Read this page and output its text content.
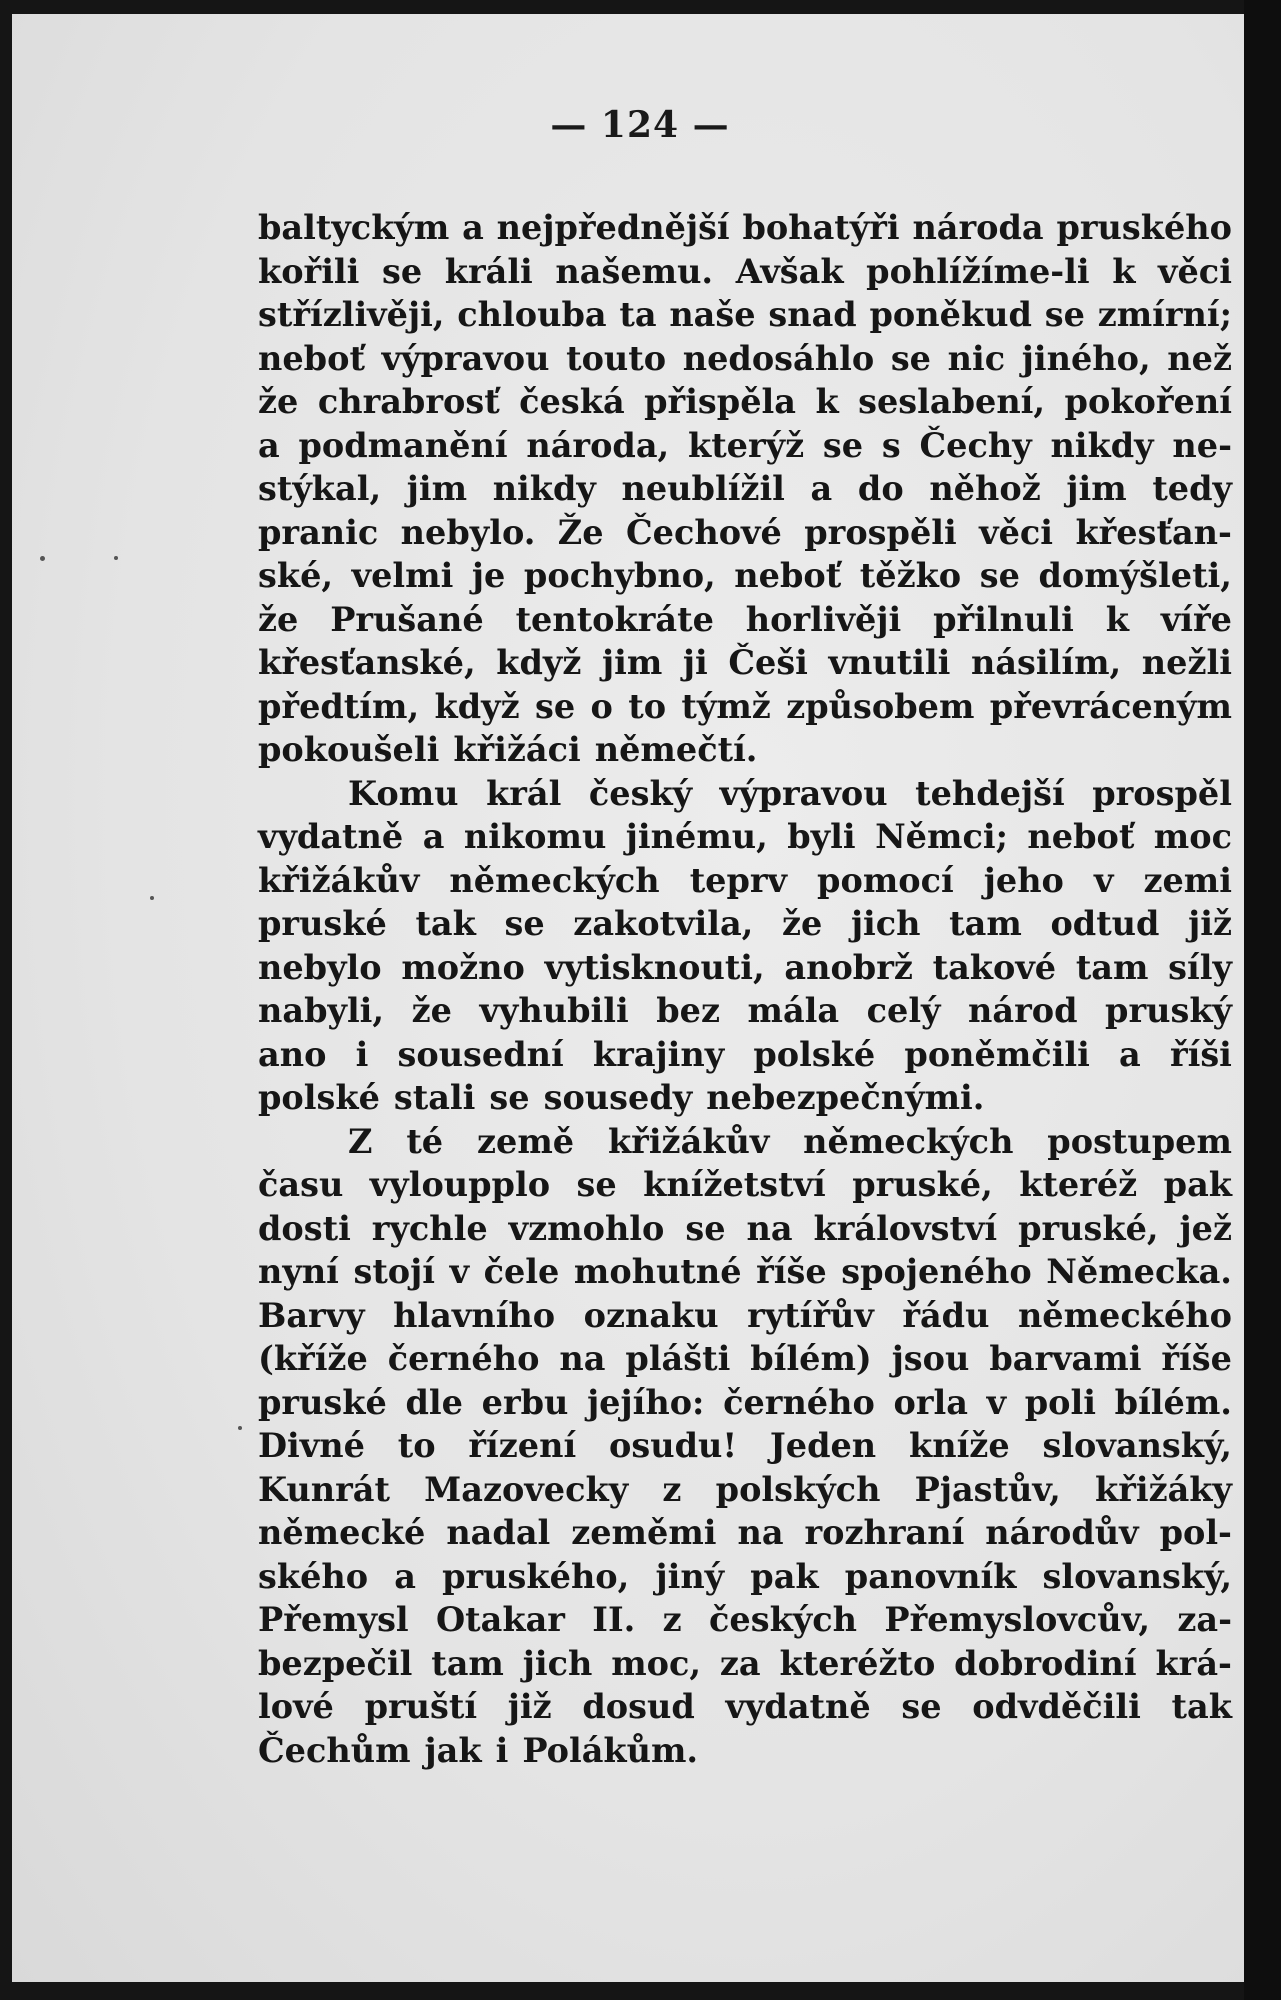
— 124 —
baltyckým a nejpřednější bohatýři národa pruského
kořili se králi našemu. Avšak pohlížíme-li k věci
střízlivěji, chlouba ta naše snad poněkud se zmírní;
neboť výpravou touto nedosáhlo se nic jiného, než
že chrabrosť česká přispěla k seslabení, pokoření
a podmanění národa, kterýž se s Čechy nikdy ne-
stýkal, jim nikdy neublížil a do něhož jim tedy
pranic nebylo. Že Čechové prospěli věci křesťan-
ské, velmi je pochybno, neboť těžko se domýšleti,
že Prušané tentokráte horlivěji přilnuli k víře
křesťanské, když jim ji Češi vnutili násilím, nežli
předtím, když se o to týmž způsobem převráceným
pokoušeli křižáci němečtí.
Komu král český výpravou tehdejší prospěl
vydatně a nikomu jinému, byli Němci; neboť moc
křižákův německých teprv pomocí jeho v zemi
pruské tak se zakotvila, že jich tam odtud již
nebylo možno vytisknouti, anobrž takové tam síly
nabyli, že vyhubili bez mála celý národ pruský
ano i sousední krajiny polské poněmčili a říši
polské stali se sousedy nebezpečnými.
Z té země křižákův německých postupem
času vyloupplo se knížetství pruské, kteréž pak
dosti rychle vzmohlo se na království pruské, jež
nyní stojí v čele mohutné říše spojeného Německa.
Barvy hlavního oznaku rytířův řádu německého
(kříže černého na plášti bílém) jsou barvami říše
pruské dle erbu jejího: černého orla v poli bílém.
Divné to řízení osudu! Jeden kníže slovanský,
Kunrát Mazovecky z polských Pjastův, křižáky
německé nadal zeměmi na rozhraní národův pol-
ského a pruského, jiný pak panovník slovanský,
Přemysl Otakar II. z českých Přemyslovcův, za-
bezpečil tam jich moc, za kteréžto dobrodiní krá-
lové pruští již dosud vydatně se odvděčili tak
Čechům jak i Polákům.
